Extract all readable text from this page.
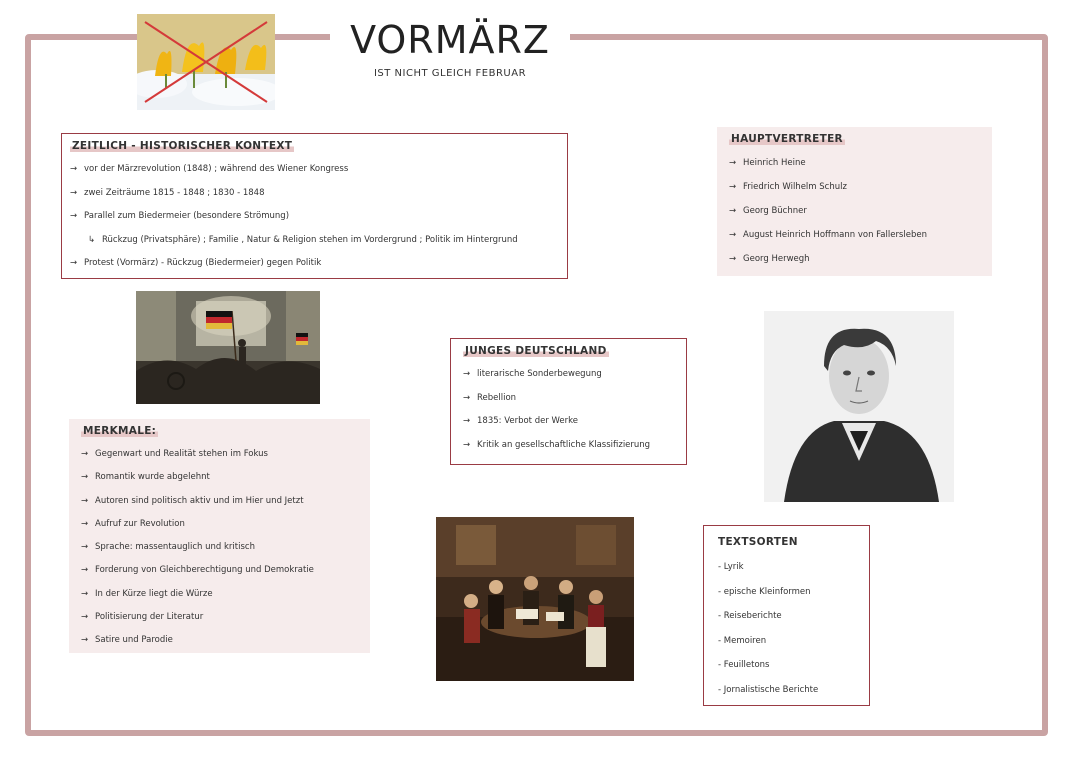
VORMÄRZ
IST NICHT GLEICH FEBRUAR
ZEITLICH - HISTORISCHER KONTEXT
→ vor der Märzrevolution (1848) ; während des Wiener Kongress
→ zwei Zeiträume 1815 - 1848 ; 1830 - 1848
→ Parallel zum Biedermeier (besondere Strömung)
↳ Rückzug (Privatsphäre) ; Familie , Natur & Religion stehen im Vordergrund ; Politik im Hintergrund
→ Protest (Vormärz) - Rückzug (Biedermeier) gegen Politik
HAUPTVERTRETER
→ Heinrich Heine
→ Friedrich Wilhelm Schulz
→ Georg Büchner
→ August Heinrich Hoffmann von Fallersleben
→ Georg Herwegh
JUNGES DEUTSCHLAND
→ literarische Sonderbewegung
→ Rebellion
→ 1835: Verbot der Werke
→ Kritik an gesellschaftliche Klassifizierung
MERKMALE:
→ Gegenwart und Realität stehen im Fokus
→ Romantik wurde abgelehnt
→ Autoren sind politisch aktiv und im Hier und Jetzt
→ Aufruf zur Revolution
→ Sprache: massentauglich und kritisch
→ Forderung von Gleichberechtigung und Demokratie
→ In der Kürze liegt die Würze
→ Politisierung der Literatur
→ Satire und Parodie
TEXTSORTEN
- Lyrik
- epische Kleinformen
- Reiseberichte
- Memoiren
- Feuilletons
- Jornalistische Berichte
